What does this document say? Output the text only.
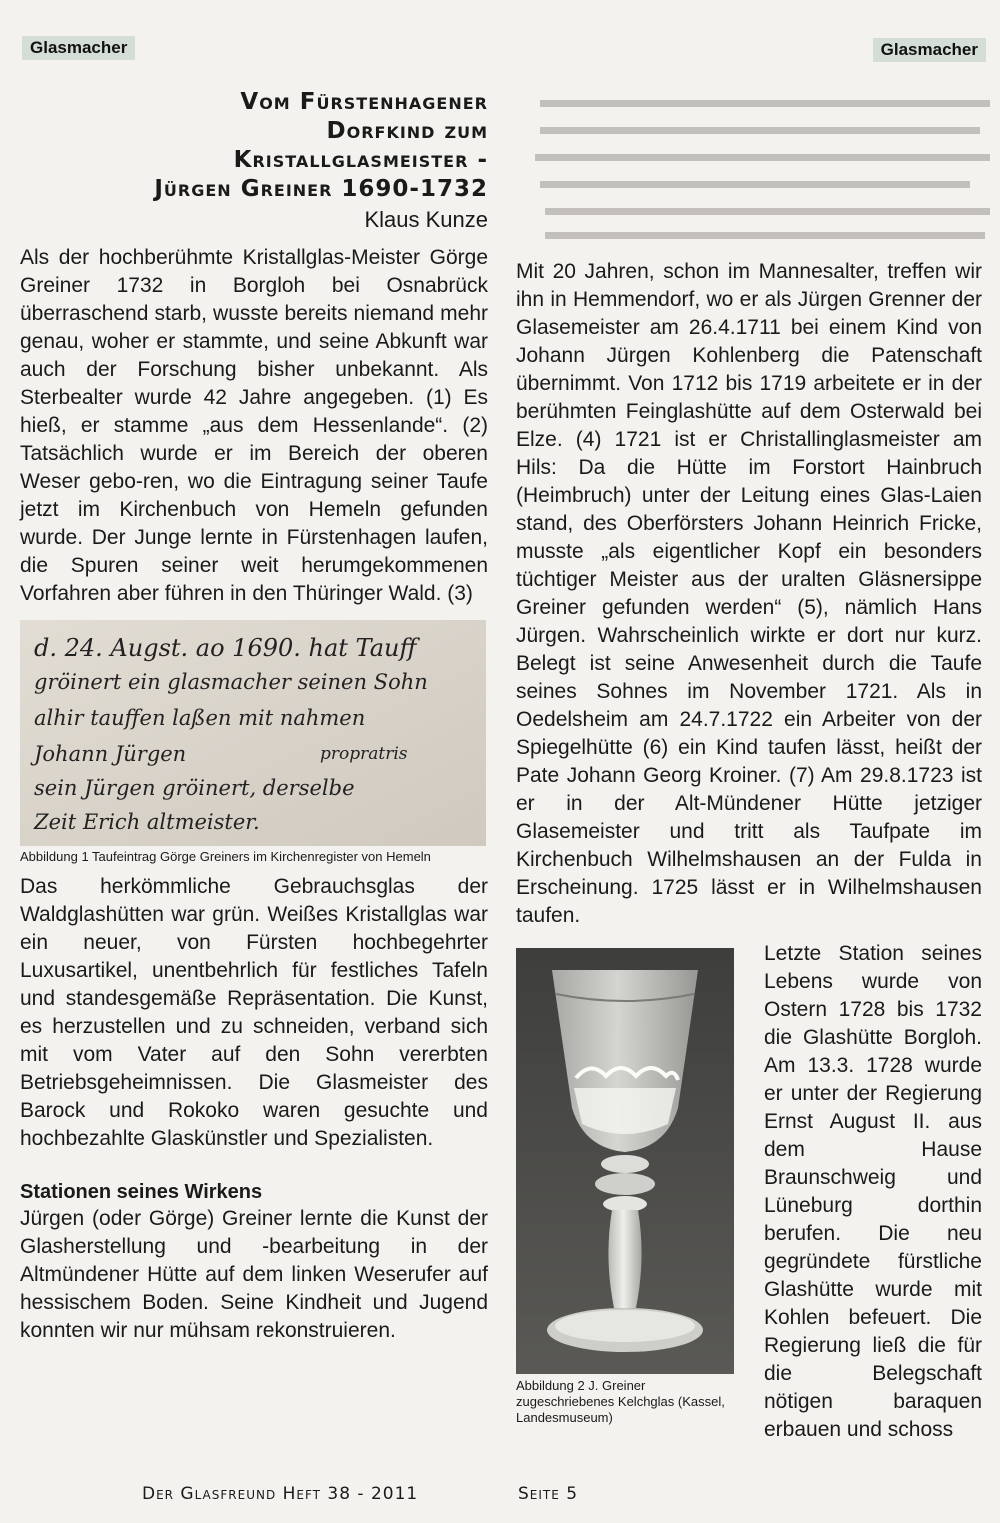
Glasmacher	Glasmacher
Vom Fürstenhagener
Dorfkind zum
Kristallglasmeister -
Jürgen Greiner 1690-1732
Klaus Kunze

Als der hochberühmte Kristallglas-Meister Görge Greiner 1732 in Borgloh bei Osnabrück überraschend starb, wusste bereits niemand mehr genau, woher er stammte, und seine Abkunft war auch der Forschung bisher unbekannt. Als Sterbealter wurde 42 Jahre angegeben. (1) Es hieß, er stamme „aus dem Hessenlande“. (2) Tatsächlich wurde er im Bereich der oberen Weser gebo-ren, wo die Eintragung seiner Taufe jetzt im Kirchenbuch von Hemeln gefunden wurde. Der Junge lernte in Fürstenhagen laufen, die Spuren seiner weit herumgekommenen Vorfahren aber führen in den Thüringer Wald. (3)

d. 24. Augst. ao 1690. hat Tauff
gröinert ein glasmacher seinen Sohn
alhir tauffen laßen mit nahmen
Johann Jürgen	propratris
sein Jürgen gröinert, derselbe
Zeit Erich altmeister.

Abbildung 1 Taufeintrag Görge Greiners im Kirchenregister von Hemeln

Das herkömmliche Gebrauchsglas der Waldglashütten war grün. Weißes Kristallglas war ein neuer, von Fürsten hochbegehrter Luxusartikel, unentbehrlich für festliches Tafeln und standesgemäße Repräsentation. Die Kunst, es herzustellen und zu schneiden, verband sich mit vom Vater auf den Sohn vererbten Betriebsgeheimnissen. Die Glasmeister des Barock und Rokoko waren gesuchte und hochbezahlte Glaskünstler und Spezialisten.

Stationen seines Wirkens

Jürgen (oder Görge) Greiner lernte die Kunst der Glasherstellung und -bearbeitung in der Altmündener Hütte auf dem linken Weserufer auf hessischem Boden. Seine Kindheit und Jugend konnten wir nur mühsam rekonstruieren.

Mit 20 Jahren, schon im Mannesalter, treffen wir ihn in Hemmendorf, wo er als Jürgen Grenner der Glasemeister am 26.4.1711 bei einem Kind von Johann Jürgen Kohlenberg die Patenschaft übernimmt. Von 1712 bis 1719 arbeitete er in der berühmten Feinglashütte auf dem Osterwald bei Elze. (4) 1721 ist er Christallinglasmeister am Hils: Da die Hütte im Forstort Hainbruch (Heimbruch) unter der Leitung eines Glas-Laien stand, des Oberförsters Johann Heinrich Fricke, musste „als eigentlicher Kopf ein besonders tüchtiger Meister aus der uralten Gläsnersippe Greiner gefunden werden“ (5), nämlich Hans Jürgen. Wahrscheinlich wirkte er dort nur kurz. Belegt ist seine Anwesenheit durch die Taufe seines Sohnes im November 1721. Als in Oedelsheim am 24.7.1722 ein Arbeiter von der Spiegelhütte (6) ein Kind taufen lässt, heißt der Pate Johann Georg Kroiner. (7) Am 29.8.1723 ist er in der Alt-Mündener Hütte jetziger Glasemeister und tritt als Taufpate im Kirchenbuch Wilhelmshausen an der Fulda in Erscheinung. 1725 lässt er in Wilhelmshausen taufen.

Abbildung 2 J. Greiner zugeschriebenes Kelchglas (Kassel, Landesmuseum)

Letzte Station seines Lebens wurde von Ostern 1728 bis 1732 die Glashütte Borgloh. Am 13.3. 1728 wurde er unter der Regierung Ernst August II. aus dem Hause Braunschweig und Lüneburg dorthin berufen. Die neu gegründete fürstliche Glashütte wurde mit Kohlen befeuert. Die Regierung ließ die für die Belegschaft nötigen baraquen erbauen und schoss

Der Glasfreund Heft 38 - 2011	Seite 5
